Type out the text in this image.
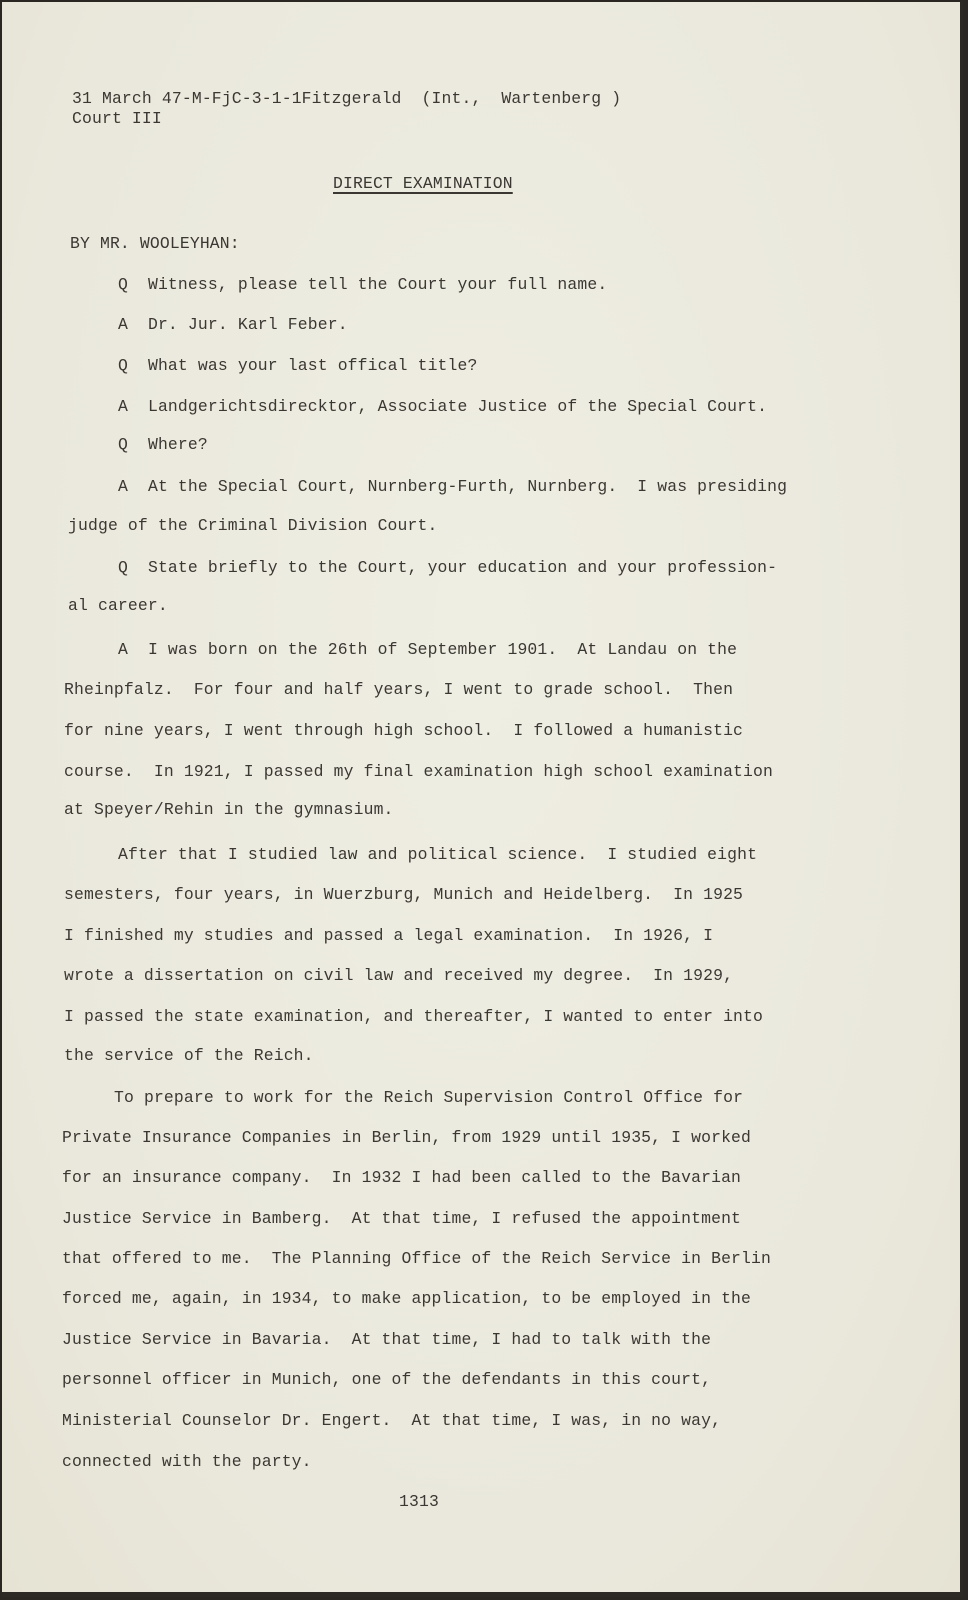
31 March 47-M-FjC-3-1-1Fitzgerald  (Int.,  Wartenberg )
Court III
DIRECT EXAMINATION
BY MR. WOOLEYHAN:
Q  Witness, please tell the Court your full name.
A  Dr. Jur. Karl Feber.
Q  What was your last offical title?
A  Landgerichtsdirecktor, Associate Justice of the Special Court.
Q  Where?
A  At the Special Court, Nurnberg-Furth, Nurnberg.  I was presiding
judge of the Criminal Division Court.
Q  State briefly to the Court, your education and your profession-
al career.
A  I was born on the 26th of September 1901.  At Landau on the
Rheinpfalz.  For four and half years, I went to grade school.  Then
for nine years, I went through high school.  I followed a humanistic
course.  In 1921, I passed my final examination high school examination
at Speyer/Rehin in the gymnasium.
After that I studied law and political science.  I studied eight
semesters, four years, in Wuerzburg, Munich and Heidelberg.  In 1925
I finished my studies and passed a legal examination.  In 1926, I
wrote a dissertation on civil law and received my degree.  In 1929,
I passed the state examination, and thereafter, I wanted to enter into
the service of the Reich.
To prepare to work for the Reich Supervision Control Office for
Private Insurance Companies in Berlin, from 1929 until 1935, I worked
for an insurance company.  In 1932 I had been called to the Bavarian
Justice Service in Bamberg.  At that time, I refused the appointment
that offered to me.  The Planning Office of the Reich Service in Berlin
forced me, again, in 1934, to make application, to be employed in the
Justice Service in Bavaria.  At that time, I had to talk with the
personnel officer in Munich, one of the defendants in this court,
Ministerial Counselor Dr. Engert.  At that time, I was, in no way,
connected with the party.
1313
